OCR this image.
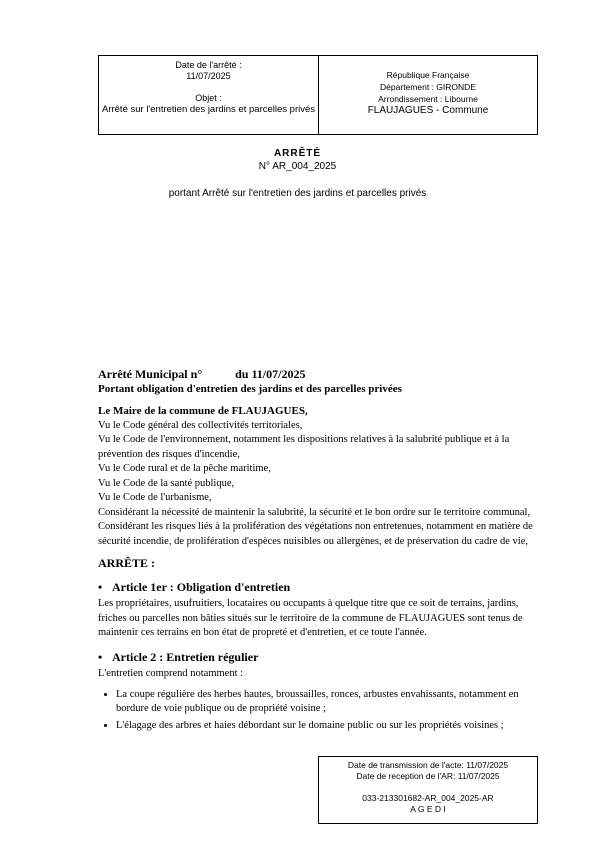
Date de l'arrêté :
11/07/2025
Objet :
Arrêté sur l'entretien des jardins et parcelles privés
République Française
Département : GIRONDE
Arrondissement : Libourne
FLAUJAGUES - Commune
ARRÊTÉ
N° AR_004_2025
portant Arrêté sur l'entretien des jardins et parcelles privés

Arrêté Municipal n°           du 11/07/2025

Portant obligation d'entretien des jardins et des parcelles privées

Le Maire de la commune de FLAUJAGUES,

Vu le Code général des collectivités territoriales,

Vu le Code de l'environnement, notamment les dispositions relatives à la salubrité publique et à la prévention des risques d'incendie,

Vu le Code rural et de la pêche maritime,

Vu le Code de la santé publique,

Vu le Code de l'urbanisme,

Considérant la nécessité de maintenir la salubrité, la sécurité et le bon ordre sur le territoire communal,

Considérant les risques liés à la prolifération des végétations non entretenues, notamment en matière de sécurité incendie, de prolifération d'espèces nuisibles ou allergènes, et de préservation du cadre de vie,

ARRÊTE :

• Article 1er : Obligation d'entretien

Les propriétaires, usufruitiers, locataires ou occupants à quelque titre que ce soit de terrains, jardins, friches ou parcelles non bâties situés sur le territoire de la commune de FLAUJAGUES sont tenus de maintenir ces terrains en bon état de propreté et d'entretien, et ce toute l'année.

• Article 2 : Entretien régulier

L'entretien comprend notamment :

• La coupe régulière des herbes hautes, broussailles, ronces, arbustes envahissants, notamment en bordure de voie publique ou de propriété voisine ;
• L'élagage des arbres et haies débordant sur le domaine public ou sur les propriétés voisines ;
Date de transmission de l'acte: 11/07/2025
Date de reception de l'AR: 11/07/2025
033-213301682-AR_004_2025-AR
A G E D I
